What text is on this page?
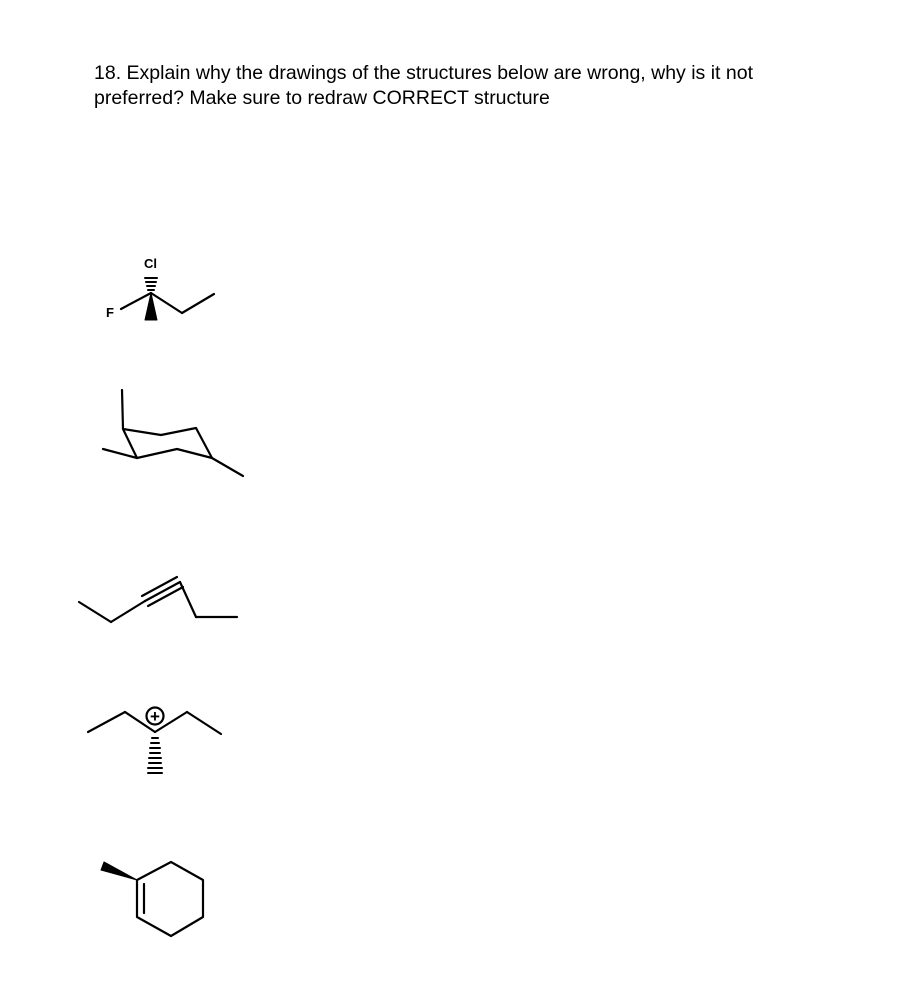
18. Explain why the drawings of the structures below are wrong, why is it not
preferred? Make sure to redraw CORRECT structure
F
Cl
+
